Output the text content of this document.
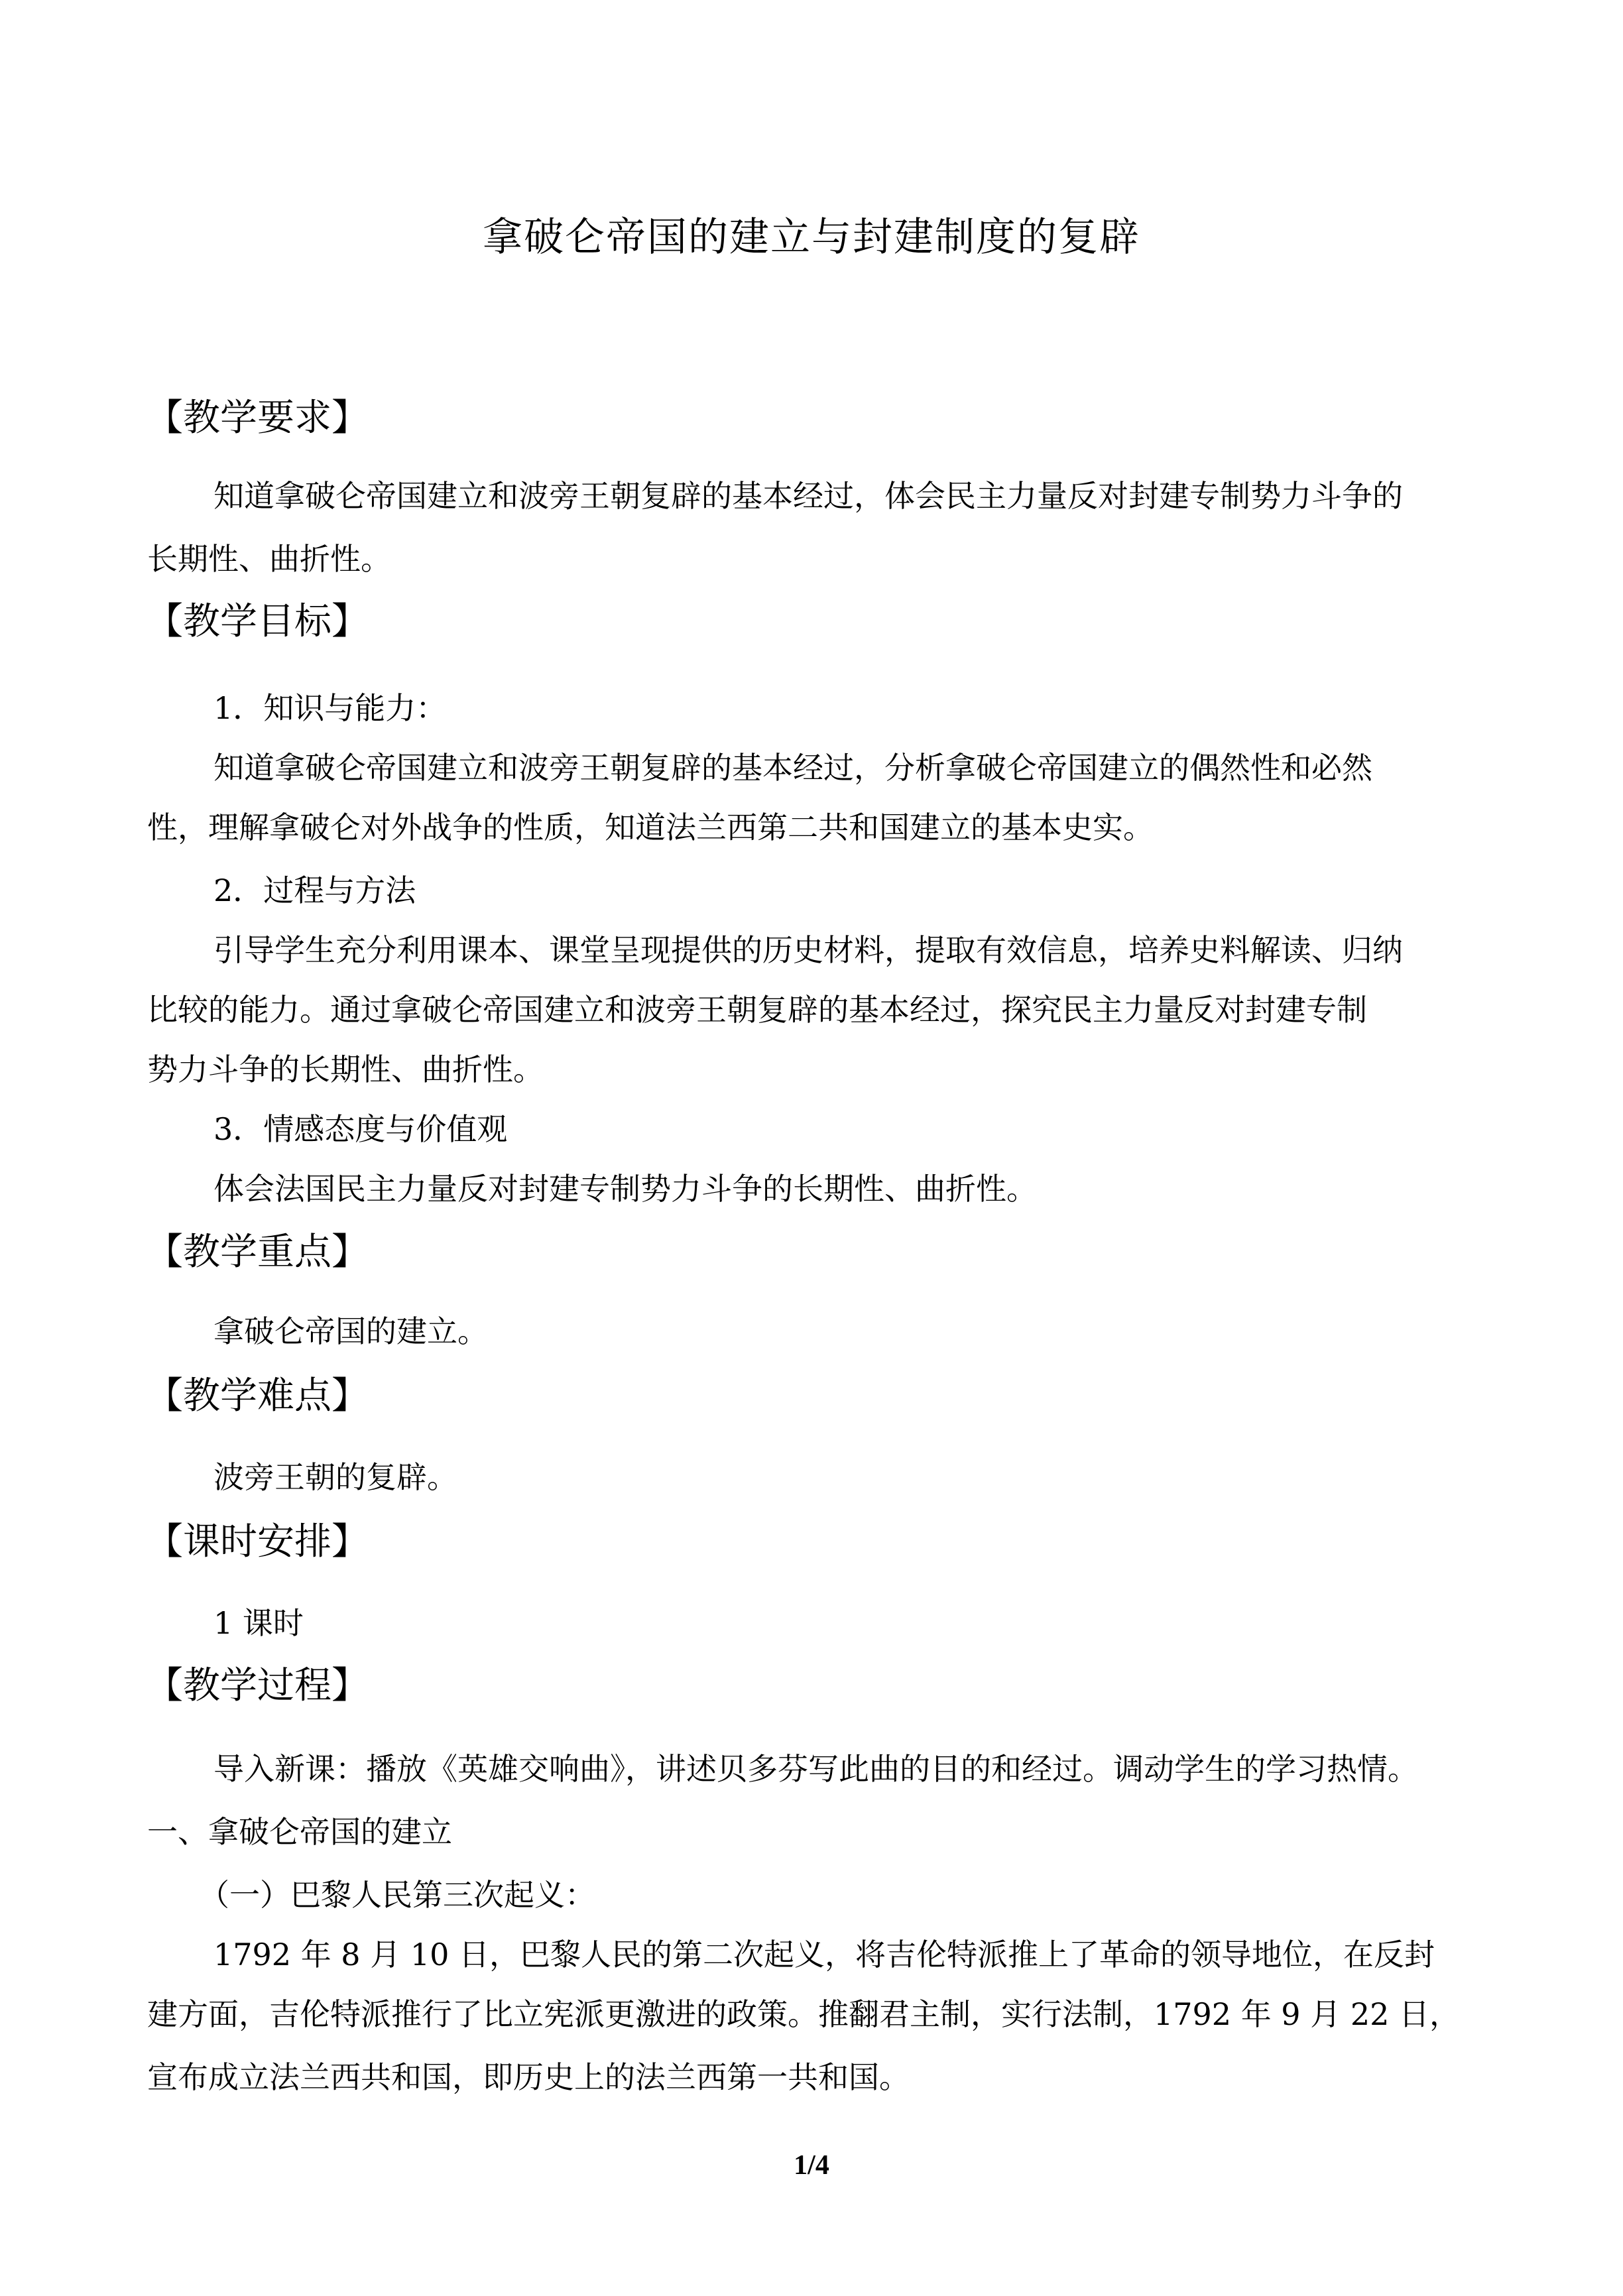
拿破仑帝国的建立与封建制度的复辟
【教学要求】
知道拿破仑帝国建立和波旁王朝复辟的基本经过，体会民主力量反对封建专制势力斗争的
长期性、曲折性。
【教学目标】
1．知识与能力：
知道拿破仑帝国建立和波旁王朝复辟的基本经过，分析拿破仑帝国建立的偶然性和必然
性，理解拿破仑对外战争的性质，知道法兰西第二共和国建立的基本史实。
2．过程与方法
引导学生充分利用课本、课堂呈现提供的历史材料，提取有效信息，培养史料解读、归纳
比较的能力。通过拿破仑帝国建立和波旁王朝复辟的基本经过，探究民主力量反对封建专制
势力斗争的长期性、曲折性。
3．情感态度与价值观
体会法国民主力量反对封建专制势力斗争的长期性、曲折性。
【教学重点】
拿破仑帝国的建立。
【教学难点】
波旁王朝的复辟。
【课时安排】
1 课时
【教学过程】
导入新课：播放《英雄交响曲》，讲述贝多芬写此曲的目的和经过。调动学生的学习热情。
一、拿破仑帝国的建立
（一）巴黎人民第三次起义：
1792 年 8 月 10 日，巴黎人民的第二次起义，将吉伦特派推上了革命的领导地位，在反封
建方面，吉伦特派推行了比立宪派更激进的政策。推翻君主制，实行法制，1792 年 9 月 22 日，
宣布成立法兰西共和国，即历史上的法兰西第一共和国。
1/4
